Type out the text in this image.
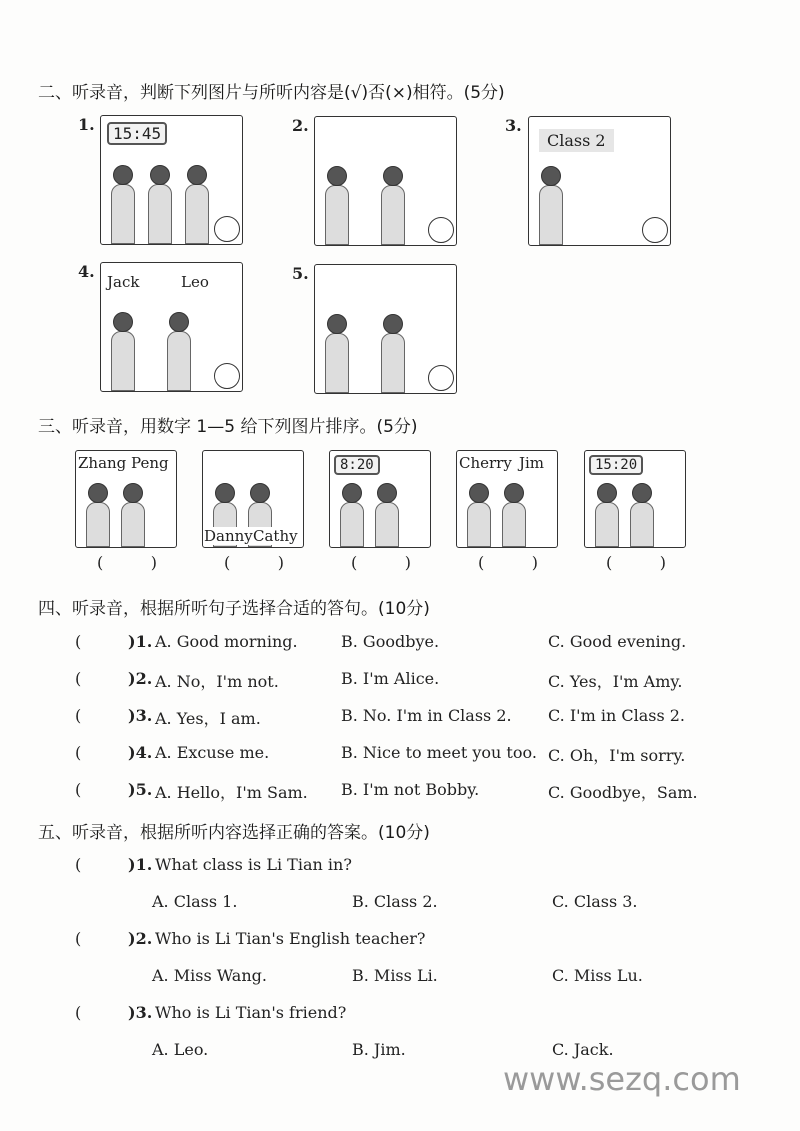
二、听录音，判断下列图片与所听内容是(√)否(×)相符。(5分)
1.	15:45	2.	3.
Class 2
4.
Jack	Leo	5.
三、听录音，用数字 1—5 给下列图片排序。(5分)
Zhang Peng
(	)
Danny Cathy
(	)
8:20
(	)
Cherry Jim
(	)
15:20
(	)
四、听录音，根据所听句子选择合适的答句。(10分)
(	)1. A. Good morning.	B. Goodbye.	C. Good evening.
(	)2. A. No，I'm not.	B. I'm Alice.	C. Yes，I'm Amy.
(	)3. A. Yes，I am.	B. No. I'm in Class 2. C. I'm in Class 2.
(	)4. A. Excuse me.	B. Nice to meet you too. C. Oh，I'm sorry.
(	)5. A. Hello，I'm Sam. B. I'm not Bobby.	C. Goodbye，Sam.
五、听录音，根据所听内容选择正确的答案。(10分)
(	)1. What class is Li Tian in?
A. Class 1.	B. Class 2.	C. Class 3.
(	)2. Who is Li Tian's English teacher?
A. Miss Wang.	B. Miss Li.	C. Miss Lu.
(	)3. Who is Li Tian's friend?
A. Leo.	B. Jim.	C. Jack.
www.sezq.com
